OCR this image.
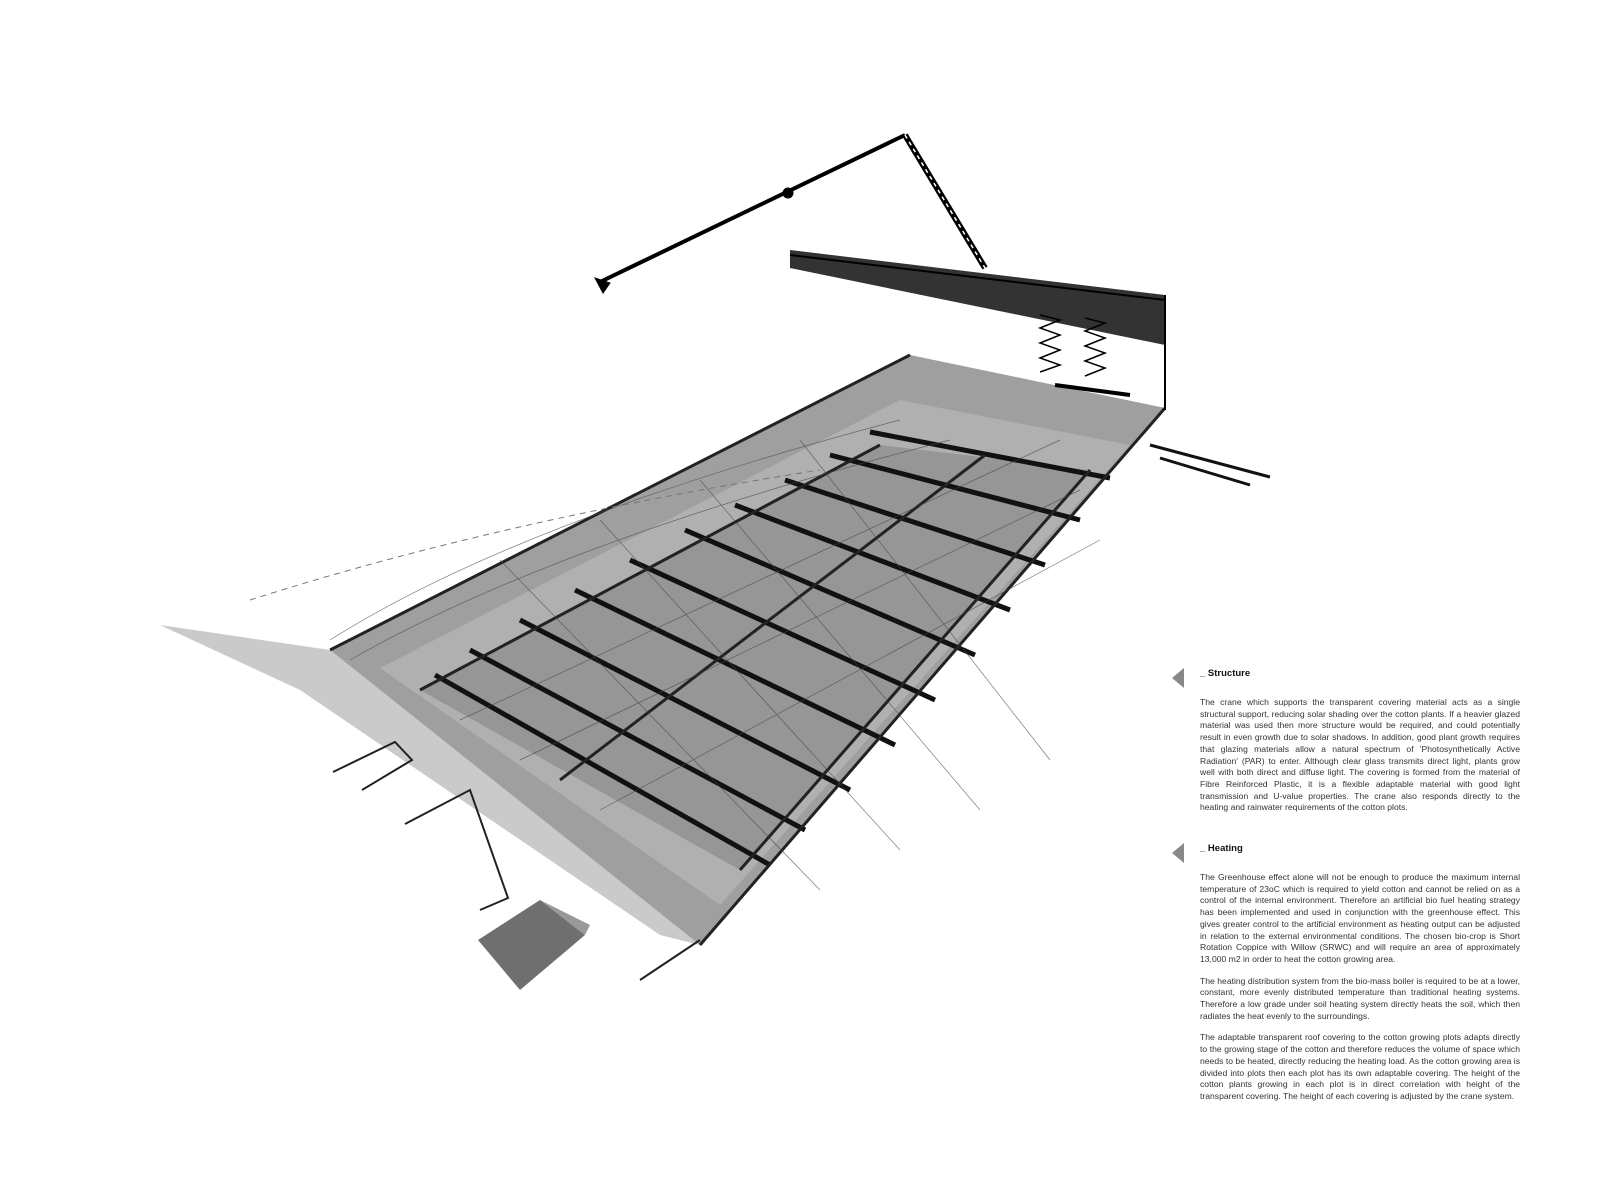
_ Structure
The crane which supports the transparent covering material acts as a single structural support, reducing solar shading over the cotton plants. If a heavier glazed material was used then more structure would be required, and could potentially result in even growth due to solar shadows. In addition, good plant growth requires that glazing materials allow a natural spectrum of 'Photosynthetically Active Radiation' (PAR) to enter. Although clear glass transmits direct light, plants grow well with both direct and diffuse light. The covering is formed from the material of Fibre Reinforced Plastic, it is a flexible adaptable material with good light transmission and U-value properties. The crane also responds directly to the heating and rainwater requirements of the cotton plots.
_ Heating
The Greenhouse effect alone will not be enough to produce the maximum internal temperature of 23oC which is required to yield cotton and cannot be relied on as a control of the internal environment. Therefore an artificial bio fuel heating strategy has been implemented and used in conjunction with the greenhouse effect. This gives greater control to the artificial environment as heating output can be adjusted in relation to the external environmental conditions. The chosen bio-crop is Short Rotation Coppice with Willow (SRWC) and will require an area of approximately 13,000 m2 in order to heat the cotton growing area.
The heating distribution system from the bio-mass boiler is required to be at a lower, constant, more evenly distributed temperature than traditional heating systems. Therefore a low grade under soil heating system directly heats the soil, which then radiates the heat evenly to the surroundings.
The adaptable transparent roof covering to the cotton growing plots adapts directly to the growing stage of the cotton and therefore reduces the volume of space which needs to be heated, directly reducing the heating load. As the cotton growing area is divided into plots then each plot has its own adaptable covering. The height of the cotton plants growing in each plot is in direct correlation with height of the transparent covering. The height of each covering is adjusted by the crane system.
